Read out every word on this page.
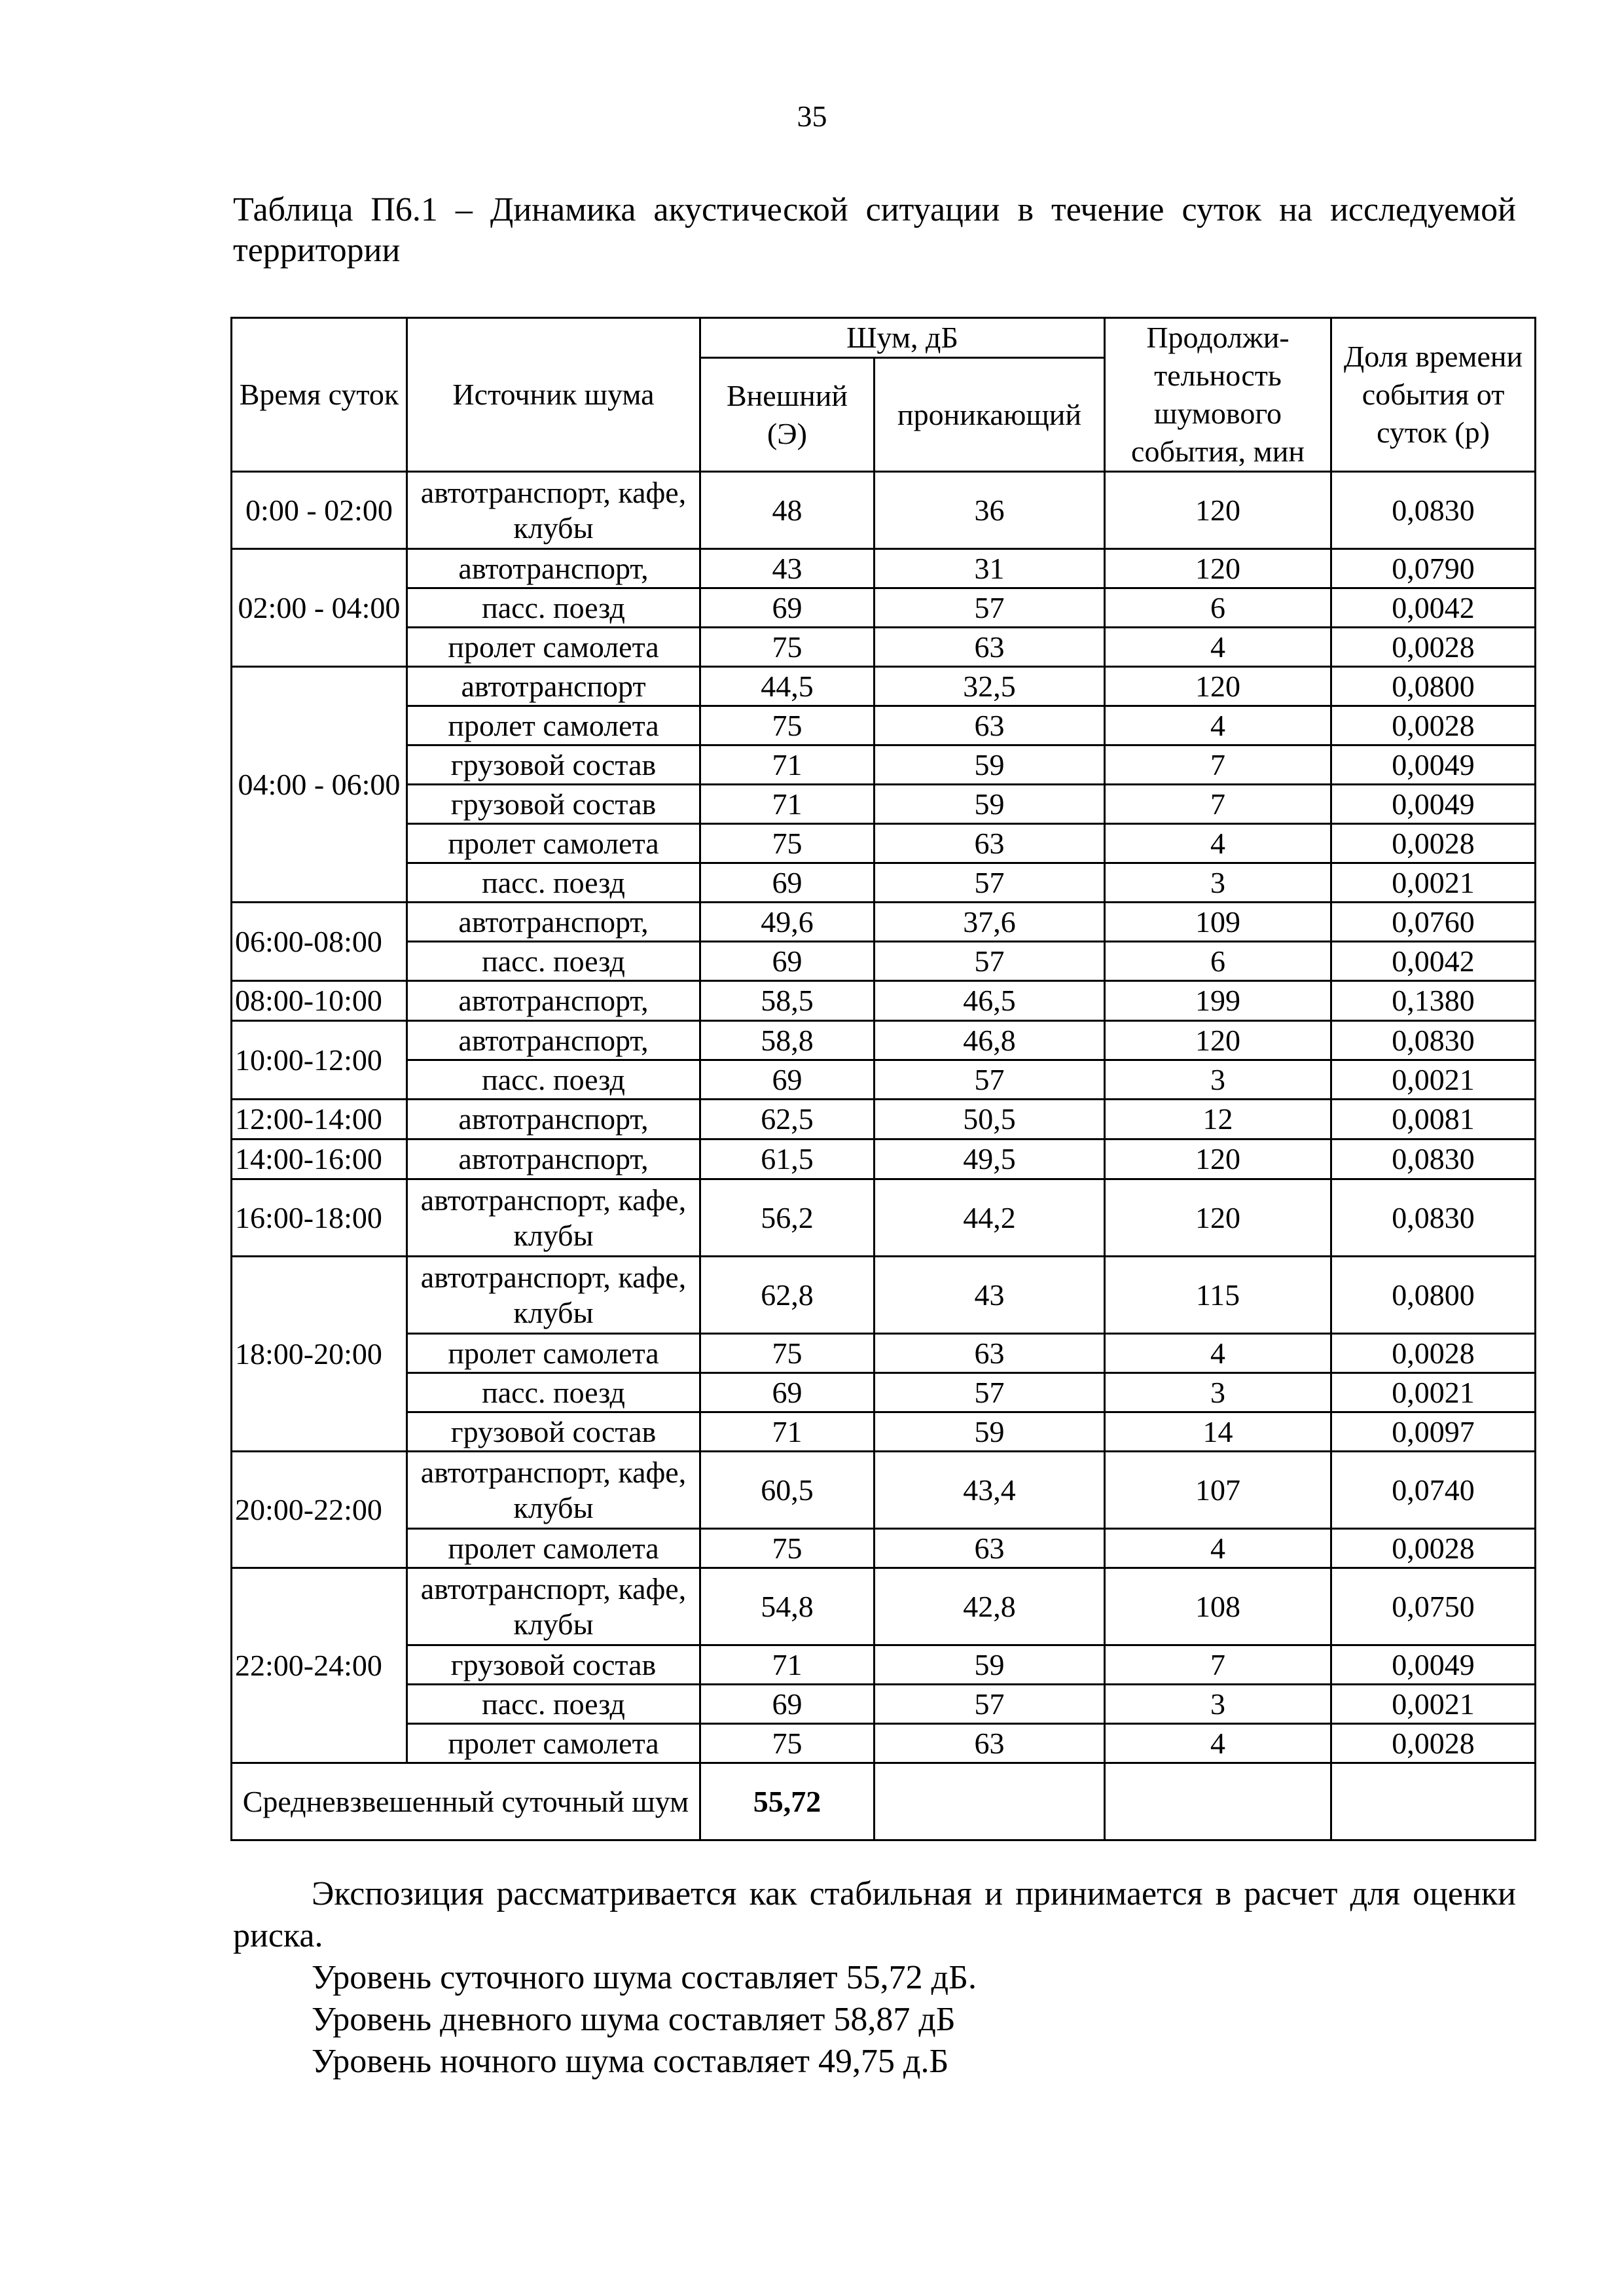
35
Таблица П6.1 – Динамика акустической ситуации в течение суток на исследуемой территории
Время суток	Источник шума	Шум, дБ		Продолжи-тельность шумового события, мин	Доля времени события от суток (p)
		Внешний (Э)	проникающий		
0:00 - 02:00	автотранспорт, кафе, клубы	48	36	120	0,0830
02:00 - 04:00	автотранспорт,	43	31	120	0,0790
	пасс. поезд	69	57	6	0,0042
	пролет самолета	75	63	4	0,0028
04:00 - 06:00	автотранспорт	44,5	32,5	120	0,0800
	пролет самолета	75	63	4	0,0028
	грузовой состав	71	59	7	0,0049
	грузовой состав	71	59	7	0,0049
	пролет самолета	75	63	4	0,0028
	пасс. поезд	69	57	3	0,0021
06:00-08:00	автотранспорт,	49,6	37,6	109	0,0760
	пасс. поезд	69	57	6	0,0042
08:00-10:00	автотранспорт,	58,5	46,5	199	0,1380
10:00-12:00	автотранспорт,	58,8	46,8	120	0,0830
	пасс. поезд	69	57	3	0,0021
12:00-14:00	автотранспорт,	62,5	50,5	12	0,0081
14:00-16:00	автотранспорт,	61,5	49,5	120	0,0830
16:00-18:00	автотранспорт, кафе, клубы	56,2	44,2	120	0,0830
18:00-20:00	автотранспорт, кафе, клубы	62,8	43	115	0,0800
	пролет самолета	75	63	4	0,0028
	пасс. поезд	69	57	3	0,0021
	грузовой состав	71	59	14	0,0097
20:00-22:00	автотранспорт, кафе, клубы	60,5	43,4	107	0,0740
	пролет самолета	75	63	4	0,0028
22:00-24:00	автотранспорт, кафе, клубы	54,8	42,8	108	0,0750
	грузовой состав	71	59	7	0,0049
	пасс. поезд	69	57	3	0,0021
	пролет самолета	75	63	4	0,0028
Средневзвешенный суточный шум		55,72			

Экспозиция рассматривается как стабильная и принимается в расчет для оценки риска.

Уровень суточного шума составляет 55,72 дБ.

Уровень дневного шума составляет 58,87 дБ

Уровень ночного шума составляет 49,75 д.Б
